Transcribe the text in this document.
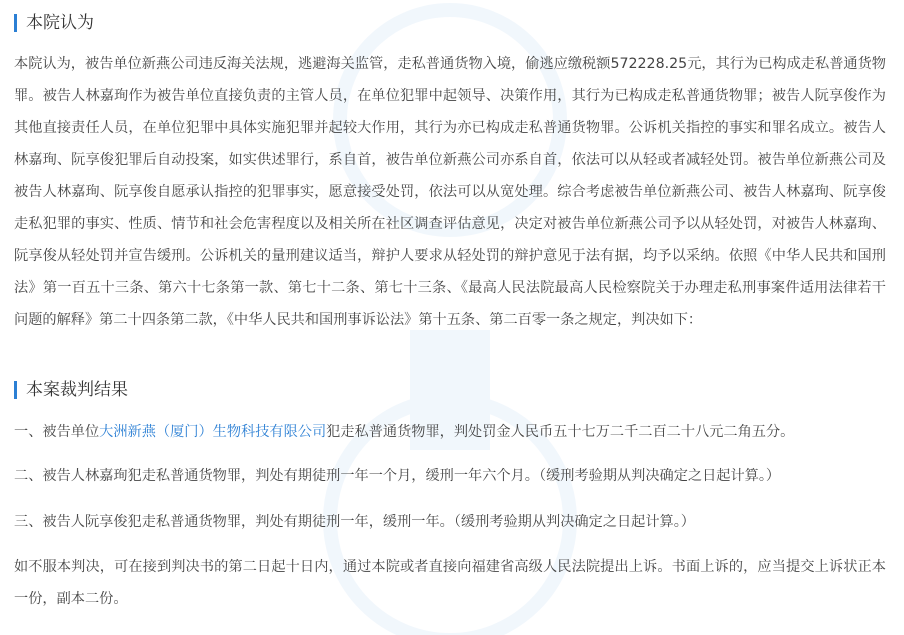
本院认为
本院认为，被告单位新燕公司违反海关法规，逃避海关监管，走私普通货物入境，偷逃应缴税额572228.25元，其行为已构成走私普通货物罪。被告人林嘉珣作为被告单位直接负责的主管人员，在单位犯罪中起领导、决策作用，其行为已构成走私普通货物罪；被告人阮享俊作为其他直接责任人员，在单位犯罪中具体实施犯罪并起较大作用，其行为亦已构成走私普通货物罪。公诉机关指控的事实和罪名成立。被告人林嘉珣、阮享俊犯罪后自动投案，如实供述罪行，系自首，被告单位新燕公司亦系自首，依法可以从轻或者减轻处罚。被告单位新燕公司及被告人林嘉珣、阮享俊自愿承认指控的犯罪事实，愿意接受处罚，依法可以从宽处理。综合考虑被告单位新燕公司、被告人林嘉珣、阮享俊走私犯罪的事实、性质、情节和社会危害程度以及相关所在社区调查评估意见，决定对被告单位新燕公司予以从轻处罚，对被告人林嘉珣、阮享俊从轻处罚并宣告缓刑。公诉机关的量刑建议适当，辩护人要求从轻处罚的辩护意见于法有据，均予以采纳。依照《中华人民共和国刑法》第一百五十三条、第六十七条第一款、第七十二条、第七十三条、《最高人民法院最高人民检察院关于办理走私刑事案件适用法律若干问题的解释》第二十四条第二款，《中华人民共和国刑事诉讼法》第十五条、第二百零一条之规定，判决如下：
本案裁判结果
一、被告单位大洲新燕（厦门）生物科技有限公司犯走私普通货物罪，判处罚金人民币五十七万二千二百二十八元二角五分。
二、被告人林嘉珣犯走私普通货物罪，判处有期徒刑一年一个月，缓刑一年六个月。（缓刑考验期从判决确定之日起计算。）
三、被告人阮享俊犯走私普通货物罪，判处有期徒刑一年，缓刑一年。（缓刑考验期从判决确定之日起计算。）
如不服本判决，可在接到判决书的第二日起十日内，通过本院或者直接向福建省高级人民法院提出上诉。书面上诉的，应当提交上诉状正本一份，副本二份。
